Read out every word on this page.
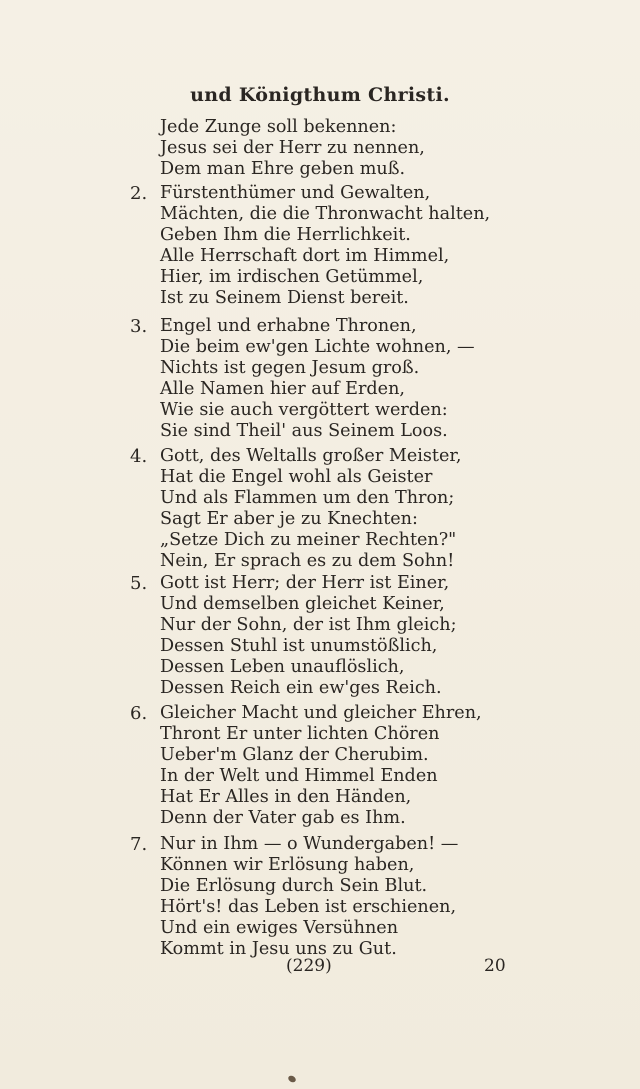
und Königthum Christi.
Jede Zunge soll bekennen:
Jesus sei der Herr zu nennen,
Dem man Ehre geben muß.
2. Fürstenthümer und Gewalten,
Mächten, die die Thronwacht halten,
Geben Ihm die Herrlichkeit.
Alle Herrschaft dort im Himmel,
Hier, im irdischen Getümmel,
Ist zu Seinem Dienst bereit.
3. Engel und erhabne Thronen,
Die beim ew'gen Lichte wohnen, —
Nichts ist gegen Jesum groß.
Alle Namen hier auf Erden,
Wie sie auch vergöttert werden:
Sie sind Theil' aus Seinem Loos.
4. Gott, des Weltalls großer Meister,
Hat die Engel wohl als Geister
Und als Flammen um den Thron;
Sagt Er aber je zu Knechten:
„Setze Dich zu meiner Rechten?"
Nein, Er sprach es zu dem Sohn!
5. Gott ist Herr; der Herr ist Einer,
Und demselben gleichet Keiner,
Nur der Sohn, der ist Ihm gleich;
Dessen Stuhl ist unumstößlich,
Dessen Leben unauflöslich,
Dessen Reich ein ew'ges Reich.
6. Gleicher Macht und gleicher Ehren,
Thront Er unter lichten Chören
Ueber'm Glanz der Cherubim.
In der Welt und Himmel Enden
Hat Er Alles in den Händen,
Denn der Vater gab es Ihm.
7. Nur in Ihm — o Wundergaben! —
Können wir Erlösung haben,
Die Erlösung durch Sein Blut.
Hört's! das Leben ist erschienen,
Und ein ewiges Versühnen
Kommt in Jesu uns zu Gut.
(229)	20
